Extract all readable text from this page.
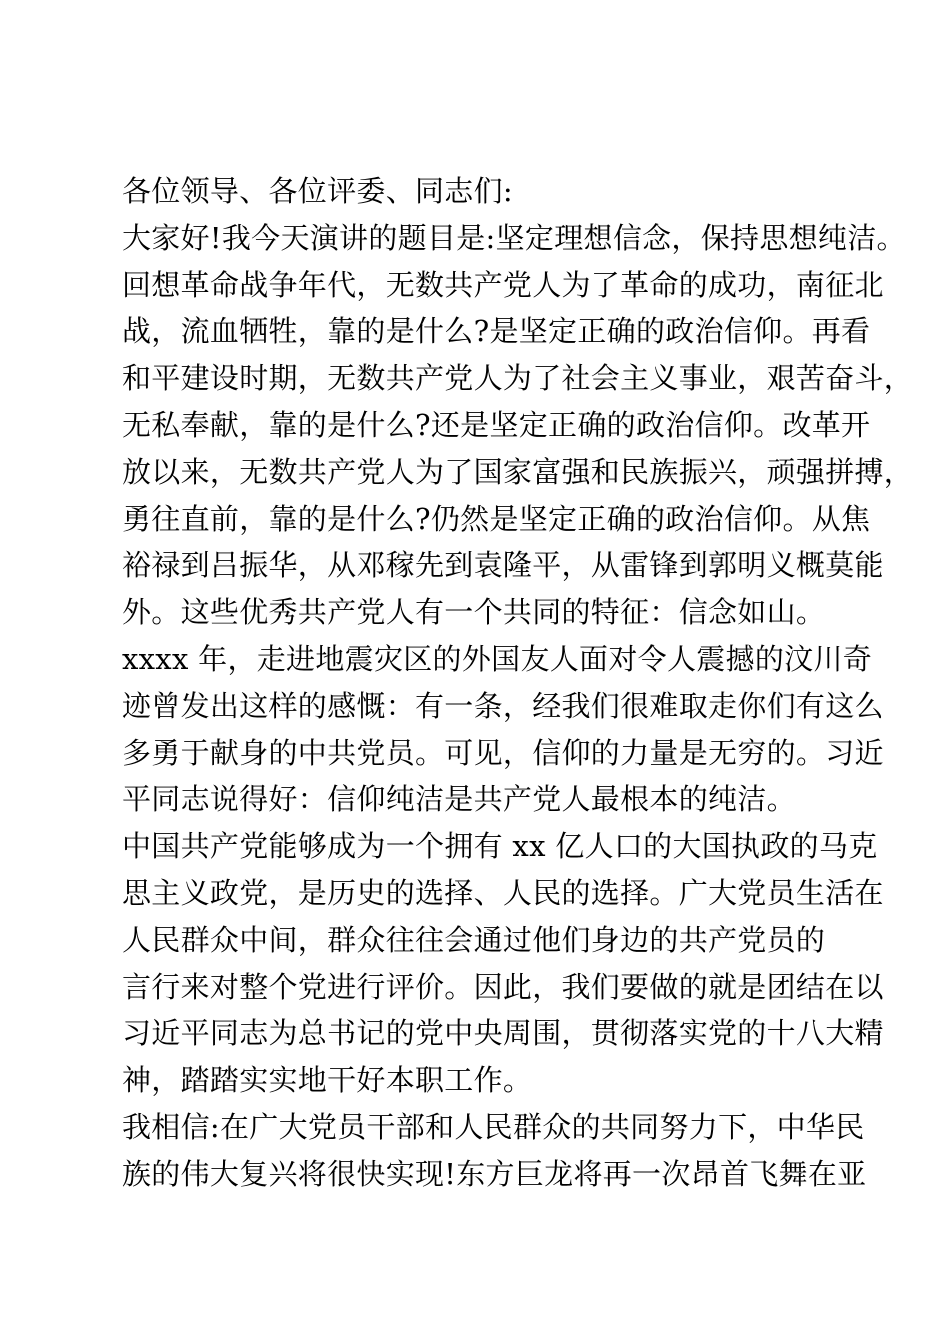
各位领导、各位评委、同志们:
大家好!我今天演讲的题目是:坚定理想信念，保持思想纯洁。
回想革命战争年代，无数共产党人为了革命的成功，南征北
战，流血牺牲，靠的是什么?是坚定正确的政治信仰。再看
和平建设时期，无数共产党人为了社会主义事业，艰苦奋斗，
无私奉献，靠的是什么?还是坚定正确的政治信仰。改革开
放以来，无数共产党人为了国家富强和民族振兴，顽强拼搏，
勇往直前，靠的是什么?仍然是坚定正确的政治信仰。从焦
裕禄到吕振华，从邓稼先到袁隆平，从雷锋到郭明义概莫能
外。这些优秀共产党人有一个共同的特征：信念如山。
xxxx 年，走进地震灾区的外国友人面对令人震撼的汶川奇
迹曾发出这样的感慨：有一条，经我们很难取走你们有这么
多勇于献身的中共党员。可见，信仰的力量是无穷的。习近
平同志说得好：信仰纯洁是共产党人最根本的纯洁。
中国共产党能够成为一个拥有 xx 亿人口的大国执政的马克
思主义政党，是历史的选择、人民的选择。广大党员生活在
人民群众中间，群众往往会通过他们身边的共产党员的
言行来对整个党进行评价。因此，我们要做的就是团结在以
习近平同志为总书记的党中央周围，贯彻落实党的十八大精
神，踏踏实实地干好本职工作。
我相信:在广大党员干部和人民群众的共同努力下，中华民
族的伟大复兴将很快实现!东方巨龙将再一次昂首飞舞在亚
